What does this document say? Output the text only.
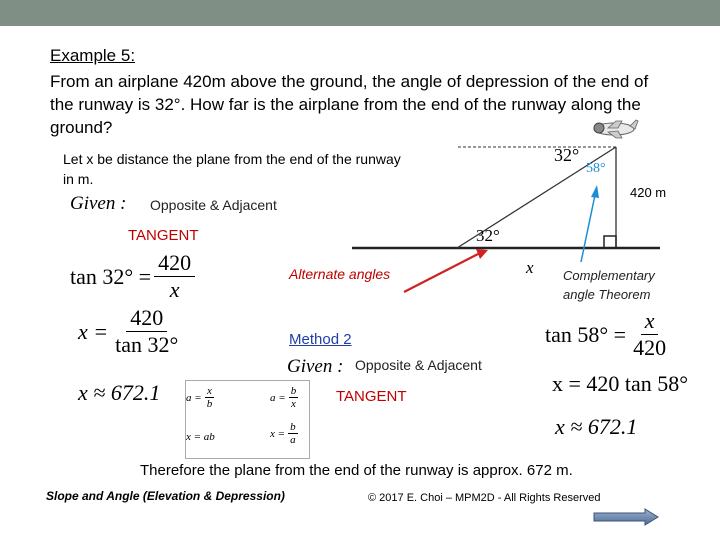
Example 5:
From an airplane 420m above the ground, the angle of depression of the end of the runway is 32°. How far is the airplane from the end of the runway along the ground?
32°
58°
420 m
32°
x
Let x be distance the plane from the end of the runway in m.
Given : Opposite & Adjacent
TANGENT
$\tan 32^\circ = \frac{420}{x}$
$x = \frac{420}{\tan 32^\circ}$
x ≈ 672.1 $a = \frac{x}{b}$	$a = \frac{b}{x}$
x = ab	$x = \frac{b}{a}$
Alternate angles	Complementary
angle Theorem
Method 2
Given : Opposite & Adjacent
TANGENT
$\tan 58^\circ = \frac{x}{420}$
x = 420 tan 58°
x ≈ 672.1
Therefore the plane from the end of the runway is approx. 672 m.
Slope and Angle (Elevation & Depression)	© 2017 E. Choi – MPM2D - All Rights Reserved
